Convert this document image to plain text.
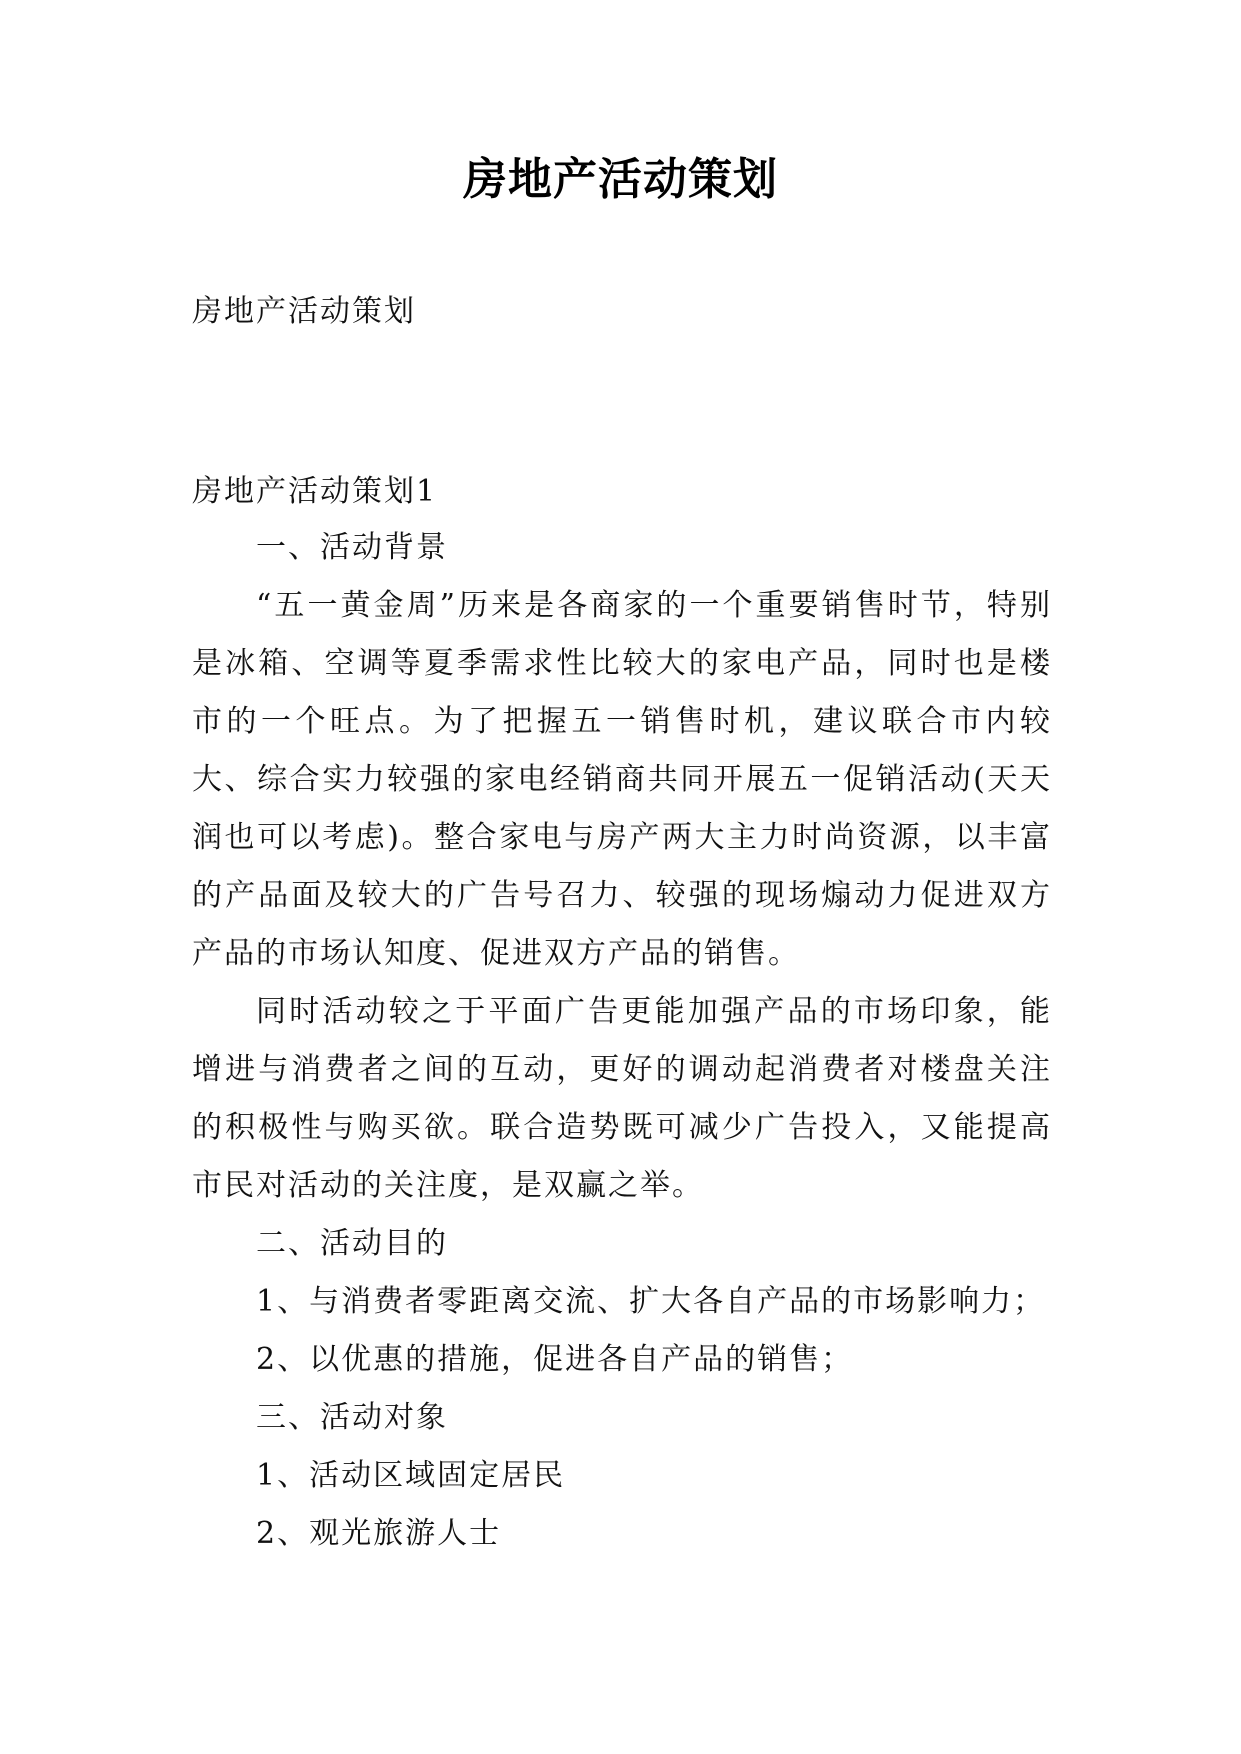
房地产活动策划
房地产活动策划
房地产活动策划1

一、活动背景

“五一黄金周”历来是各商家的一个重要销售时节，特别是冰箱、空调等夏季需求性比较大的家电产品，同时也是楼市的一个旺点。为了把握五一销售时机，建议联合市内较大、综合实力较强的家电经销商共同开展五一促销活动(天天润也可以考虑)。整合家电与房产两大主力时尚资源，以丰富的产品面及较大的广告号召力、较强的现场煽动力促进双方产品的市场认知度、促进双方产品的销售。

同时活动较之于平面广告更能加强产品的市场印象，能增进与消费者之间的互动，更好的调动起消费者对楼盘关注的积极性与购买欲。联合造势既可减少广告投入，又能提高市民对活动的关注度，是双赢之举。

二、活动目的

1、与消费者零距离交流、扩大各自产品的市场影响力；

2、以优惠的措施，促进各自产品的销售；

三、活动对象

1、活动区域固定居民

2、观光旅游人士
